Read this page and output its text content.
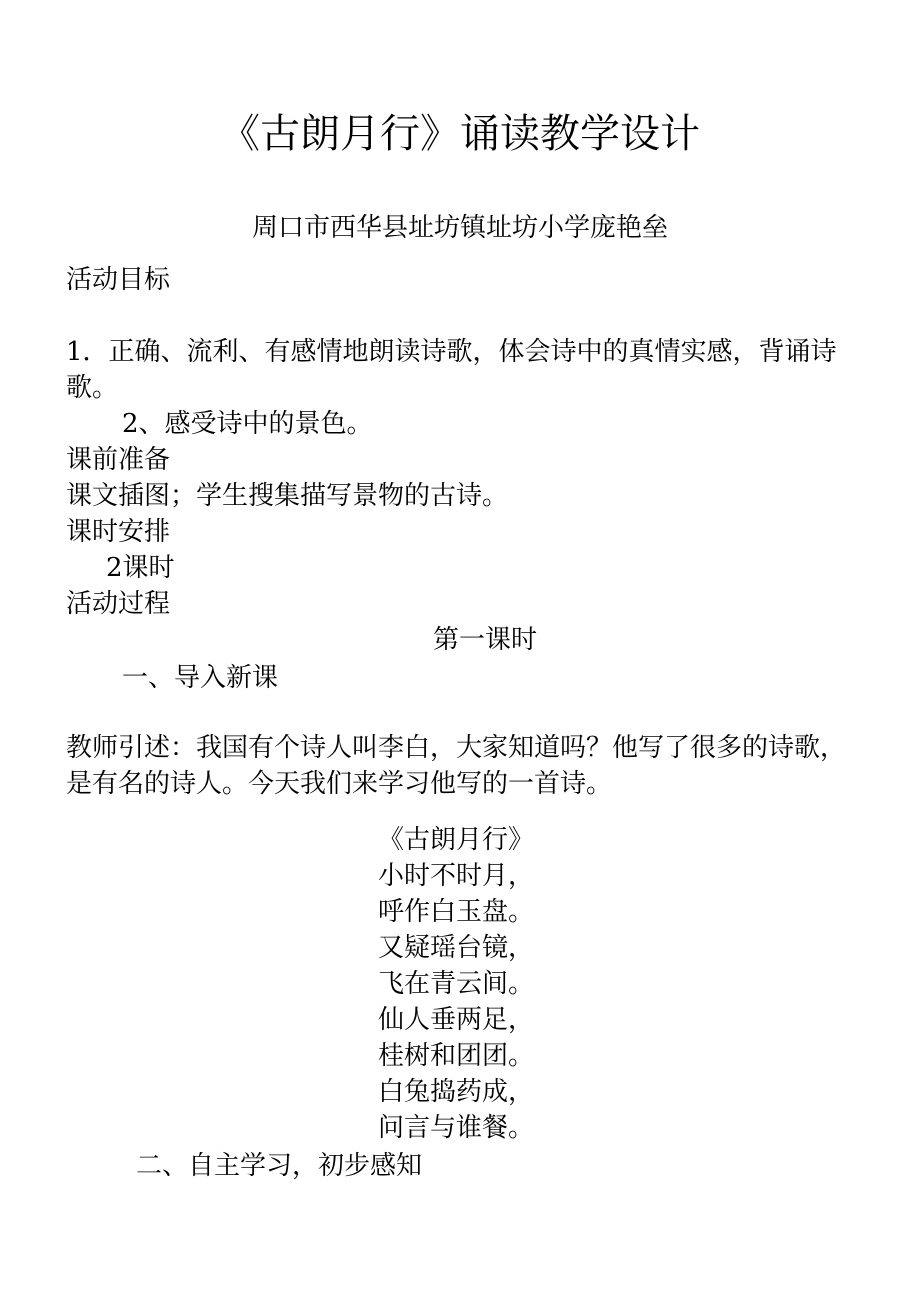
《古朗月行》诵读教学设计
周口市西华县址坊镇址坊小学庞艳垒
活动目标
1．正确、流利、有感情地朗读诗歌，体会诗中的真情实感，背诵诗歌。
2、感受诗中的景色。
课前准备
课文插图；学生搜集描写景物的古诗。
课时安排
2课时
活动过程
第一课时
一、导入新课
教师引述：我国有个诗人叫李白，大家知道吗？他写了很多的诗歌，是有名的诗人。今天我们来学习他写的一首诗。
《古朗月行》
小时不时月，
呼作白玉盘。
又疑瑶台镜，
飞在青云间。
仙人垂两足，
桂树和团团。
白兔捣药成，
问言与谁餐。
二、自主学习，初步感知
